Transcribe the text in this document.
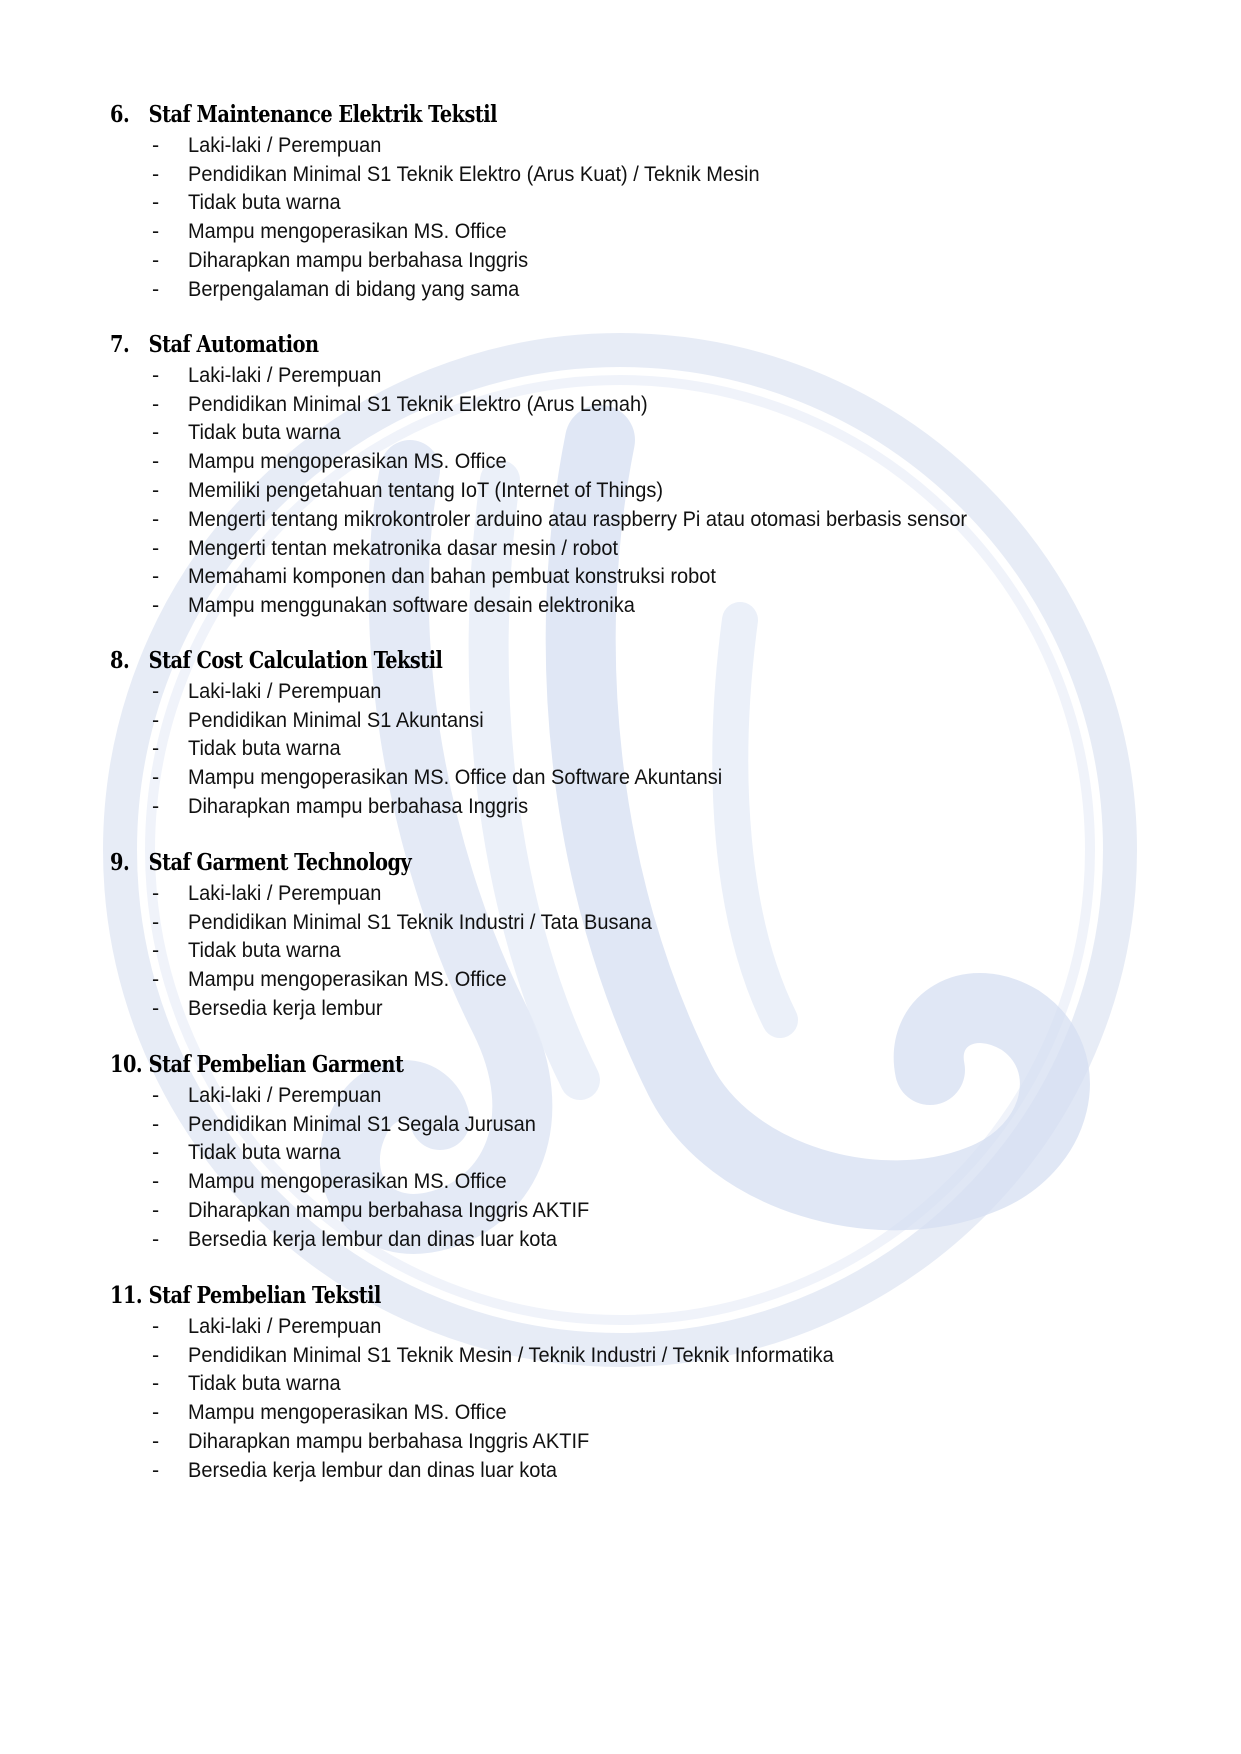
6. Staf Maintenance Elektrik Tekstil
-	Laki-laki / Perempuan
-	Pendidikan Minimal S1 Teknik Elektro (Arus Kuat) / Teknik Mesin
-	Tidak buta warna
-	Mampu mengoperasikan MS. Office
-	Diharapkan mampu berbahasa Inggris
-	Berpengalaman di bidang yang sama
7. Staf Automation
-	Laki-laki / Perempuan
-	Pendidikan Minimal S1 Teknik Elektro (Arus Lemah)
-	Tidak buta warna
-	Mampu mengoperasikan MS. Office
-	Memiliki pengetahuan tentang IoT (Internet of Things)
-	Mengerti tentang mikrokontroler arduino atau raspberry Pi atau otomasi berbasis sensor
-	Mengerti tentan mekatronika dasar mesin / robot
-	Memahami komponen dan bahan pembuat konstruksi robot
-	Mampu menggunakan software desain elektronika
8. Staf Cost Calculation Tekstil
-	Laki-laki / Perempuan
-	Pendidikan Minimal S1 Akuntansi
-	Tidak buta warna
-	Mampu mengoperasikan MS. Office dan Software Akuntansi
-	Diharapkan mampu berbahasa Inggris
9. Staf Garment Technology
-	Laki-laki / Perempuan
-	Pendidikan Minimal S1 Teknik Industri / Tata Busana
-	Tidak buta warna
-	Mampu mengoperasikan MS. Office
-	Bersedia kerja lembur
10. Staf Pembelian Garment
-	Laki-laki / Perempuan
-	Pendidikan Minimal S1 Segala Jurusan
-	Tidak buta warna
-	Mampu mengoperasikan MS. Office
-	Diharapkan mampu berbahasa Inggris AKTIF
-	Bersedia kerja lembur dan dinas luar kota
11. Staf Pembelian Tekstil
-	Laki-laki / Perempuan
-	Pendidikan Minimal S1 Teknik Mesin / Teknik Industri / Teknik Informatika
-	Tidak buta warna
-	Mampu mengoperasikan MS. Office
-	Diharapkan mampu berbahasa Inggris AKTIF
-	Bersedia kerja lembur dan dinas luar kota
